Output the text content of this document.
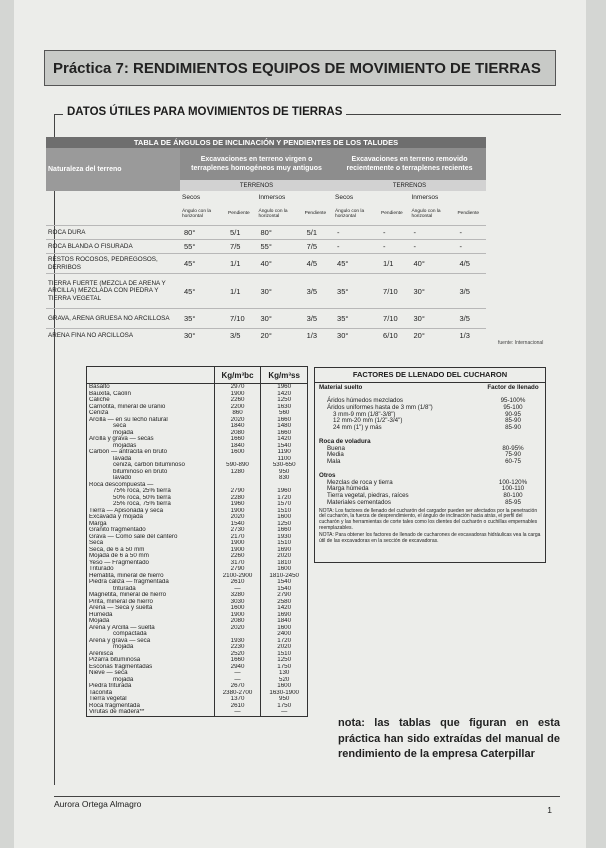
Práctica 7: RENDIMIENTOS EQUIPOS DE MOVIMIENTO DE TIERRAS
DATOS ÚTILES PARA MOVIMIENTOS DE TIERRAS
TABLA DE ÁNGULOS DE INCLINACIÓN Y PENDIENTES DE LOS TALUDES
Naturaleza del terreno	Excavaciones en terreno virgen o terraplenes homogéneos muy antiguos				Excavaciones en terreno removido recientemente o terraplenes recientes			
	TERRENOS				TERRENOS			
	Secos		Inmersos		Secos		Inmersos	
	Ángulo con la horizontal	Pendiente	Ángulo con la horizontal	Pendiente	Ángulo con la horizontal	Pendiente	Ángulo con la horizontal	Pendiente
ROCA DURA	80°	5/1	80°	5/1	-	-	-	-
ROCA BLANDA O FISURADA	55°	7/5	55°	7/5	-	-	-	-
RESTOS ROCOSOS, PEDREGOSOS, DERRIBOS	45°	1/1	40°	4/5	45°	1/1	40°	4/5
TIERRA FUERTE (MEZCLA DE ARENA Y ARCILLA) MEZCLADA CON PIEDRA Y TIERRA VEGETAL	45°	1/1	30°	3/5	35°	7/10	30°	3/5
GRAVA, ARENA GRUESA NO ARCILLOSA	35°	7/10	30°	3/5	35°	7/10	30°	3/5
ARENA FINA NO ARCILLOSA	30°	3/5	20°	1/3	30°	6/10	20°	1/3
fuente: Internacional
	Kg/m³bc	Kg/m³ss
Basalto	2970	1960
Bauxita, Caolín	1900	1420
Caliche	2260	1250
Carnotita, mineral de uranio	2200	1630
Ceniza	860	560
Arcilla — en su lecho natural	2020	1660
seca	1840	1480
mojada	2080	1660
Arcilla y grava — secas	1660	1420
mojadas	1840	1540
Carbón — antracita en bruto	1600	1190
lavada		1100
ceniza, carbón bituminoso	590-890	530-650
bituminoso en bruto	1280	950
lavado		830
Roca descompuesta —		
75% roca, 25% tierra	2790	1960
50% roca, 50% tierra	2280	1720
25% roca, 75% tierra	1960	1570
Tierra — Apisonada y seca	1900	1510
Excavada y mojada	2020	1600
Marga	1540	1250
Granito fragmentado	2730	1660
Grava — Como sale del cantero	2170	1930
Seca	1900	1510
Seca, de 6 a 50 mm	1900	1690
Mojada de 6 a 50 mm	2260	2020
Yeso — Fragmentado	3170	1810
Triturado	2790	1600
Hematita, mineral de hierro	2100-2900	1810-2450
Piedra caliza — fragmentada	2610	1540
triturada	—	1540
Magnetita, mineral de hierro	3280	2790
Pirita, mineral de hierro	3030	2580
Arena — Seca y suelta	1600	1420
Húmeda	1900	1690
Mojada	2080	1840
Arena y Arcilla — suelta	2020	1600
compactada		2400
Arena y grava — seca	1930	1720
mojada	2230	2020
Arenisca	2520	1510
Pizarra bituminosa	1660	1250
Escorias fragmentadas	2940	1750
Nieve — seca	—	130
mojada	—	520
Piedra triturada	2670	1600
Taconita	2380-2700	1630-1900
Tierra vegetal	1370	950
Roca fragmentada	2610	1750
Virutas de madera**	—	—
FACTORES DE LLENADO DEL CUCHARON
Material suelto	Factor de llenado
Áridos húmedos mezclados	95-100%
Áridos uniformes hasta de 3 mm (1/8")	95-100
3 mm-9 mm (1/8"-3/8")	90-95
12 mm-20 mm (1/2"-3/4")	85-90
24 mm (1") y más	85-90
Roca de voladura
Buena	80-95%
Media	75-90
Mala	60-75
Otros
Mezclas de roca y tierra	100-120%
Marga húmeda	100-110
Tierra vegetal, piedras, raíces	80-100
Materiales cementados	85-95
NOTA: Los factores de llenado del cucharón del cargador pueden ser afectados por la penetración del cucharón, la fuerza de desprendimiento, el ángulo de inclinación hacia atrás, el perfil del cucharón y las herramientas de corte tales como los dientes del cucharón o cuchillas empernables reemplazables.
NOTA: Para obtener los factores de llenado de cucharones de excavadoras hidráulicas vea la carga útil de las excavadoras en la sección de excavadoras.
nota: las tablas que figuran en esta práctica han sido extraídas del manual de rendimiento de la empresa Caterpillar
Aurora Ortega Almagro
1
